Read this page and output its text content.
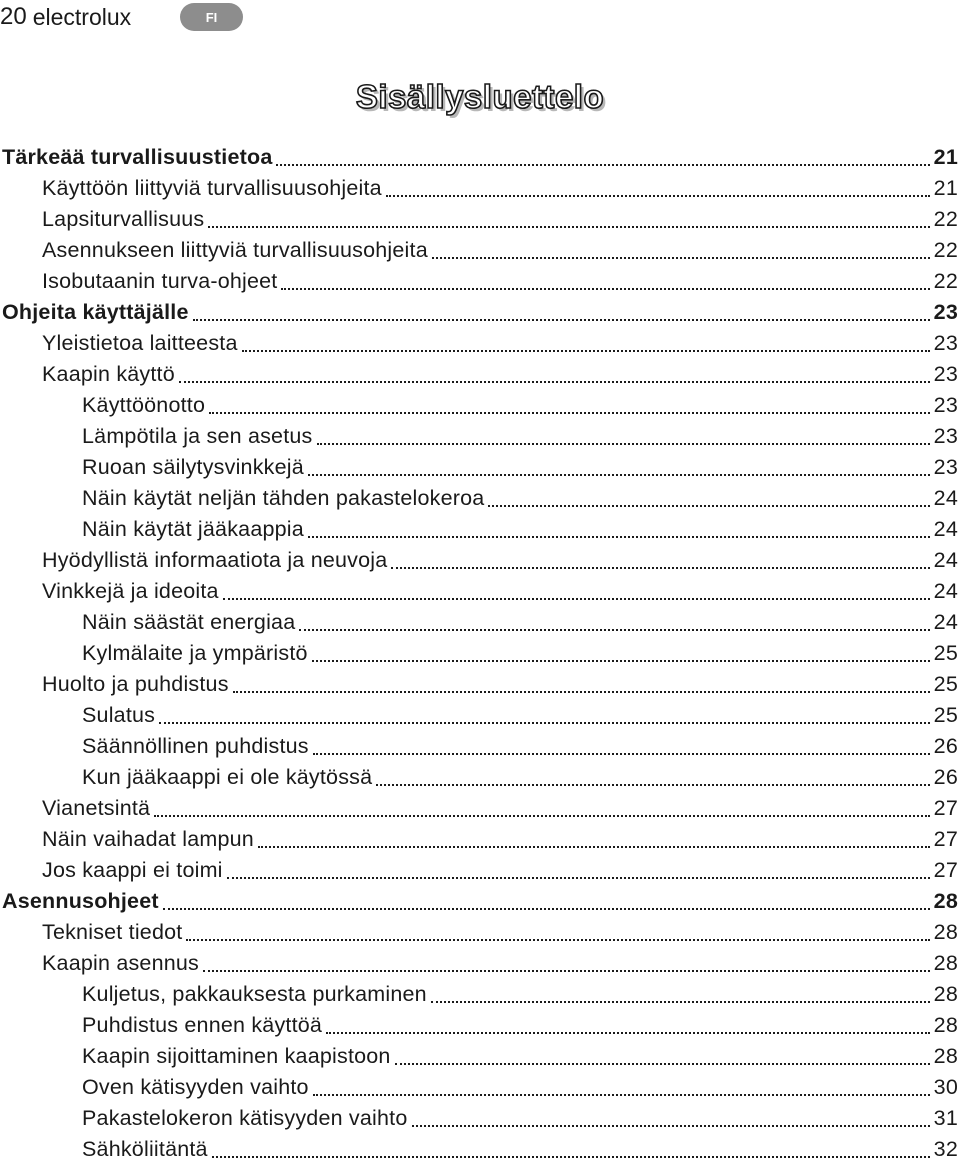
20 electrolux	FI
Sisällysluettelo
Tärkeää turvallisuustietoa	21
Käyttöön liittyviä turvallisuusohjeita	21
Lapsiturvallisuus	22
Asennukseen liittyviä turvallisuusohjeita	22
Isobutaanin turva-ohjeet	22
Ohjeita käyttäjälle	23
Yleistietoa laitteesta	23
Kaapin käyttö	23
Käyttöönotto	23
Lämpötila ja sen asetus	23
Ruoan säilytysvinkkejä	23
Näin käytät neljän tähden pakastelokeroa	24
Näin käytät jääkaappia	24
Hyödyllistä informaatiota ja neuvoja	24
Vinkkejä ja ideoita	24
Näin säästät energiaa	24
Kylmälaite ja ympäristö	25
Huolto ja puhdistus	25
Sulatus	25
Säännöllinen puhdistus	26
Kun jääkaappi ei ole käytössä	26
Vianetsintä	27
Näin vaihadat lampun	27
Jos kaappi ei toimi	27
Asennusohjeet	28
Tekniset tiedot	28
Kaapin asennus	28
Kuljetus, pakkauksesta purkaminen	28
Puhdistus ennen käyttöä	28
Kaapin sijoittaminen kaapistoon	28
Oven kätisyyden vaihto	30
Pakastelokeron kätisyyden vaihto	31
Sähköliitäntä	32
